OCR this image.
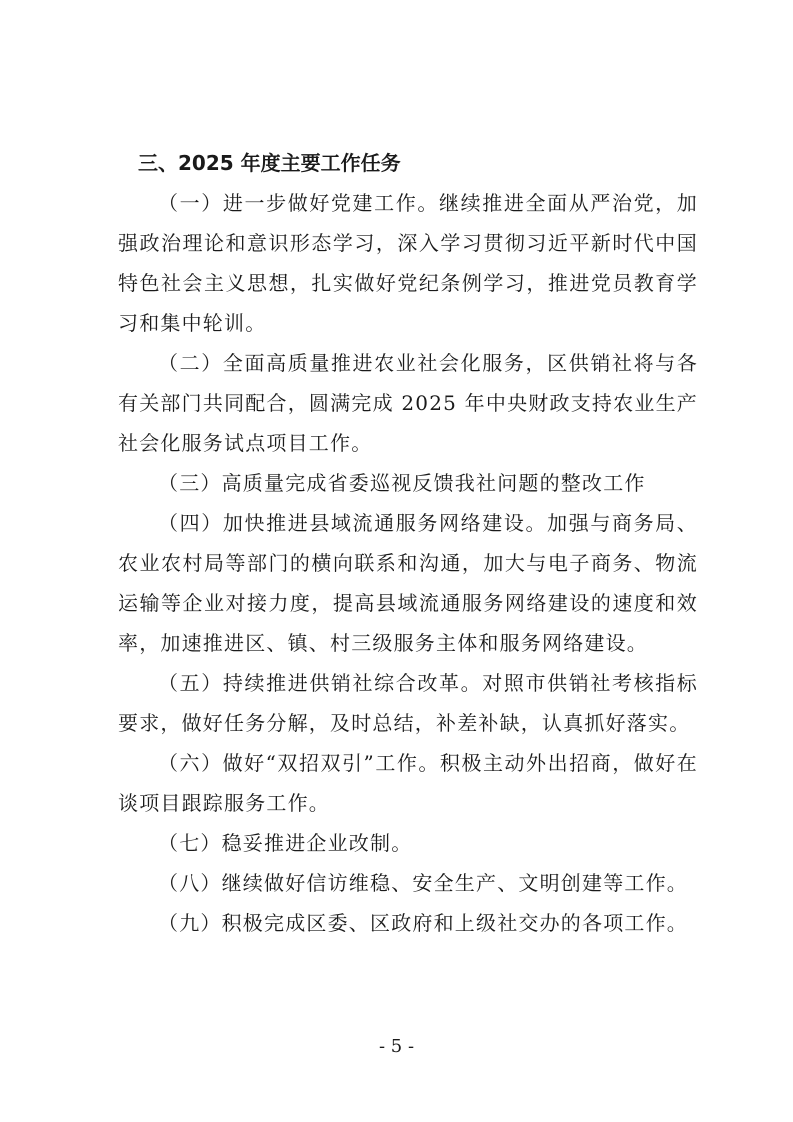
三、2025 年度主要工作任务

（一）进一步做好党建工作。继续推进全面从严治党，加强政治理论和意识形态学习，深入学习贯彻习近平新时代中国特色社会主义思想，扎实做好党纪条例学习，推进党员教育学习和集中轮训。

（二）全面高质量推进农业社会化服务，区供销社将与各有关部门共同配合，圆满完成 2025 年中央财政支持农业生产社会化服务试点项目工作。

（三）高质量完成省委巡视反馈我社问题的整改工作

（四）加快推进县域流通服务网络建设。加强与商务局、农业农村局等部门的横向联系和沟通，加大与电子商务、物流运输等企业对接力度，提高县域流通服务网络建设的速度和效率，加速推进区、镇、村三级服务主体和服务网络建设。

（五）持续推进供销社综合改革。对照市供销社考核指标要求，做好任务分解，及时总结，补差补缺，认真抓好落实。

（六）做好“双招双引”工作。积极主动外出招商，做好在谈项目跟踪服务工作。

（七）稳妥推进企业改制。

（八）继续做好信访维稳、安全生产、文明创建等工作。

（九）积极完成区委、区政府和上级社交办的各项工作。

- 5 -
